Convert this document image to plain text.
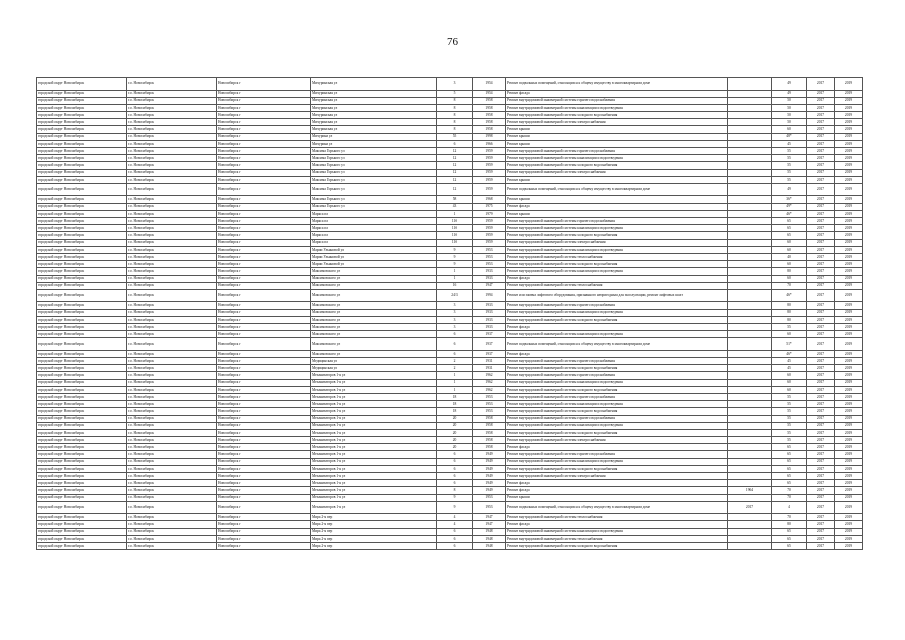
76
городской округ Новосибирск	г.о. Новосибирск	Новосибирск г	Мичуринская ул	3	1954	Ремонт подвальных помещений, относящихся к общему имуществу в многоквартирном доме		49	2017	2019
городской округ Новосибирск	г.о. Новосибирск	Новосибирск г	Мичуринская ул	5	1954	Ремонт фасада		49	2017	2019
городской округ Новосибирск	г.о. Новосибирск	Новосибирск г	Мичуринская ул	8	1958	Ремонт внутридомовой инженерной системы горячего водоснабжения		50	2017	2019
городской округ Новосибирск	г.о. Новосибирск	Новосибирск г	Мичуринская ул	8	1958	Ремонт внутридомовой инженерной системы канализации и водоотведения		50	2017	2019
городской округ Новосибирск	г.о. Новосибирск	Новосибирск г	Мичуринская ул	8	1958	Ремонт внутридомовой инженерной системы холодного водоснабжения		50	2017	2019
городской округ Новосибирск	г.о. Новосибирск	Новосибирск г	Мичуринская ул	8	1958	Ремонт внутридомовой инженерной системы электроснабжения		50	2017	2019
городской округ Новосибирск	г.о. Новосибирск	Новосибирск г	Мичуринская ул	8	1958	Ремонт крыши		60	2017	2019
городской округ Новосибирск	г.о. Новосибирск	Новосибирск г	Мичурина ул	55	1998	Ремонт крыши		48*	2017	2019
городской округ Новосибирск	г.о. Новосибирск	Новосибирск г	Мичурина ул	6	1966	Ремонт крыши		45	2017	2019
городской округ Новосибирск	г.о. Новосибирск	Новосибирск г	Максима Горького ул	12	1959	Ремонт внутридомовой инженерной системы горячего водоснабжения		55	2017	2019
городской округ Новосибирск	г.о. Новосибирск	Новосибирск г	Максима Горького ул	12	1959	Ремонт внутридомовой инженерной системы канализации и водоотведения		55	2017	2019
городской округ Новосибирск	г.о. Новосибирск	Новосибирск г	Максима Горького ул	12	1959	Ремонт внутридомовой инженерной системы холодного водоснабжения		55	2017	2019
городской округ Новосибирск	г.о. Новосибирск	Новосибирск г	Максима Горького ул	12	1959	Ремонт внутридомовой инженерной системы электроснабжения		55	2017	2019
городской округ Новосибирск	г.о. Новосибирск	Новосибирск г	Максима Горького ул	12	1959	Ремонт крыши		55	2017	2019
городской округ Новосибирск	г.о. Новосибирск	Новосибирск г	Максима Горького ул	12	1959	Ремонт подвальных помещений, относящихся к общему имуществу в многоквартирном доме		49	2017	2019
городской округ Новосибирск	г.о. Новосибирск	Новосибирск г	Максима Горького ул	58	1968	Ремонт крыши		36*	2017	2019
городской округ Новосибирск	г.о. Новосибирск	Новосибирск г	Максима Горького ул	43	1975	Ремонт фасада		49*	2017	2019
городской округ Новосибирск	г.о. Новосибирск	Новосибирск г	Маркса пл	1	1979	Ремонт крыши		46*	2017	2019
городской округ Новосибирск	г.о. Новосибирск	Новосибирск г	Маркса пл	11б	1959	Ремонт внутридомовой инженерной системы горячего водоснабжения		65	2017	2019
городской округ Новосибирск	г.о. Новосибирск	Новосибирск г	Маркса пл	11б	1959	Ремонт внутридомовой инженерной системы канализации и водоотведения		65	2017	2019
городской округ Новосибирск	г.о. Новосибирск	Новосибирск г	Маркса пл	11б	1959	Ремонт внутридомовой инженерной системы холодного водоснабжения		65	2017	2019
городской округ Новосибирск	г.о. Новосибирск	Новосибирск г	Маркса пл	11б	1959	Ремонт внутридомовой инженерной системы электроснабжения		60	2017	2019
городской округ Новосибирск	г.о. Новосибирск	Новосибирск г	Марии Ульяновой ул	9	1953	Ремонт внутридомовой инженерной системы канализации и водоотведения		60	2017	2019
городской округ Новосибирск	г.о. Новосибирск	Новосибирск г	Марии Ульяновой ул	9	1953	Ремонт внутридомовой инженерной системы теплоснабжения		40	2017	2019
городской округ Новосибирск	г.о. Новосибирск	Новосибирск г	Марии Ульяновой ул	9	1953	Ремонт внутридомовой инженерной системы холодного водоснабжения		60	2017	2019
городской округ Новосибирск	г.о. Новосибирск	Новосибирск г	Максимовского ул	1	1933	Ремонт внутридомовой инженерной системы канализации и водоотведения		80	2017	2019
городской округ Новосибирск	г.о. Новосибирск	Новосибирск г	Максимовского ул	1	1933	Ремонт фасада		60	2017	2019
городской округ Новосибирск	г.о. Новосибирск	Новосибирск г	Максимовского ул	16	1947	Ремонт внутридомовой инженерной системы теплоснабжения		70	2017	2019
городской округ Новосибирск	г.о. Новосибирск	Новосибирск г	Максимовского ул	24/3	1994	Ремонт или замена лифтового оборудования, признанного непригодным для эксплуатации, ремонт лифтовых шахт		46*	2017	2019
городской округ Новосибирск	г.о. Новосибирск	Новосибирск г	Максимовского ул	3	1933	Ремонт внутридомовой инженерной системы горячего водоснабжения		80	2017	2019
городской округ Новосибирск	г.о. Новосибирск	Новосибирск г	Максимовского ул	3	1933	Ремонт внутридомовой инженерной системы канализации и водоотведения		80	2017	2019
городской округ Новосибирск	г.о. Новосибирск	Новосибирск г	Максимовского ул	3	1933	Ремонт внутридомовой инженерной системы холодного водоснабжения		80	2017	2019
городской округ Новосибирск	г.о. Новосибирск	Новосибирск г	Максимовского ул	3	1933	Ремонт фасада		55	2017	2019
городской округ Новосибирск	г.о. Новосибирск	Новосибирск г	Максимовского ул	6	1937	Ремонт внутридомовой инженерной системы канализации и водоотведения		60	2017	2019
городской округ Новосибирск	г.о. Новосибирск	Новосибирск г	Максимовского ул	6	1937	Ремонт подвальных помещений, относящихся к общему имуществу в многоквартирном доме		51*	2017	2019
городской округ Новосибирск	г.о. Новосибирск	Новосибирск г	Максимовского ул	6	1937	Ремонт фасада		46*	2017	2019
городской округ Новосибирск	г.о. Новосибирск	Новосибирск г	Медицинская ул	2	1931	Ремонт внутридомовой инженерной системы горячего водоснабжения		45	2017	2019
городской округ Новосибирск	г.о. Новосибирск	Новосибирск г	Медицинская ул	2	1931	Ремонт внутридомовой инженерной системы холодного водоснабжения		45	2017	2019
городской округ Новосибирск	г.о. Новосибирск	Новосибирск г	Механизаторов 1-я ул	1	1962	Ремонт внутридомовой инженерной системы горячего водоснабжения		60	2017	2019
городской округ Новосибирск	г.о. Новосибирск	Новосибирск г	Механизаторов 1-я ул	1	1962	Ремонт внутридомовой инженерной системы канализации и водоотведения		60	2017	2019
городской округ Новосибирск	г.о. Новосибирск	Новосибирск г	Механизаторов 1-я ул	1	1962	Ремонт внутридомовой инженерной системы холодного водоснабжения		60	2017	2019
городской округ Новосибирск	г.о. Новосибирск	Новосибирск г	Механизаторов 1-я ул	18	1953	Ремонт внутридомовой инженерной системы горячего водоснабжения		55	2017	2019
городской округ Новосибирск	г.о. Новосибирск	Новосибирск г	Механизаторов 1-я ул	18	1953	Ремонт внутридомовой инженерной системы канализации и водоотведения		55	2017	2019
городской округ Новосибирск	г.о. Новосибирск	Новосибирск г	Механизаторов 1-я ул	18	1953	Ремонт внутридомовой инженерной системы холодного водоснабжения		55	2017	2019
городской округ Новосибирск	г.о. Новосибирск	Новосибирск г	Механизаторов 1-я ул	20	1958	Ремонт внутридомовой инженерной системы горячего водоснабжения		55	2017	2019
городской округ Новосибирск	г.о. Новосибирск	Новосибирск г	Механизаторов 1-я ул	20	1958	Ремонт внутридомовой инженерной системы канализации и водоотведения		55	2017	2019
городской округ Новосибирск	г.о. Новосибирск	Новосибирск г	Механизаторов 1-я ул	20	1958	Ремонт внутридомовой инженерной системы холодного водоснабжения		55	2017	2019
городской округ Новосибирск	г.о. Новосибирск	Новосибирск г	Механизаторов 1-я ул	20	1958	Ремонт внутридомовой инженерной системы электроснабжения		55	2017	2019
городской округ Новосибирск	г.о. Новосибирск	Новосибирск г	Механизаторов 1-я ул	20	1958	Ремонт фасада		65	2017	2019
городской округ Новосибирск	г.о. Новосибирск	Новосибирск г	Механизаторов 1-я ул	6	1949	Ремонт внутридомовой инженерной системы горячего водоснабжения		65	2017	2019
городской округ Новосибирск	г.о. Новосибирск	Новосибирск г	Механизаторов 1-я ул	6	1949	Ремонт внутридомовой инженерной системы канализации и водоотведения		65	2017	2019
городской округ Новосибирск	г.о. Новосибирск	Новосибирск г	Механизаторов 1-я ул	6	1949	Ремонт внутридомовой инженерной системы холодного водоснабжения		65	2017	2019
городской округ Новосибирск	г.о. Новосибирск	Новосибирск г	Механизаторов 1-я ул	6	1949	Ремонт внутридомовой инженерной системы электроснабжения		65	2017	2019
городской округ Новосибирск	г.о. Новосибирск	Новосибирск г	Механизаторов 1-я ул	6	1949	Ремонт фасада		65	2017	2019
городской округ Новосибирск	г.о. Новосибирск	Новосибирск г	Механизаторов 1-я ул	8	1949	Ремонт фасада	1964	70	2017	2019
городской округ Новосибирск	г.о. Новосибирск	Новосибирск г	Механизаторов 1-я ул	9	1953	Ремонт крыши		70	2017	2019
городской округ Новосибирск	г.о. Новосибирск	Новосибирск г	Механизаторов 1-я ул	9	1953	Ремонт подвальных помещений, относящихся к общему имуществу в многоквартирном доме	2017	4	2017	2019
городской округ Новосибирск	г.о. Новосибирск	Новосибирск г	Мира 2-я пер	4	1947	Ремонт внутридомовой инженерной системы теплоснабжения		70	2017	2019
городской округ Новосибирск	г.о. Новосибирск	Новосибирск г	Мира 2-я пер	4	1947	Ремонт фасада		80	2017	2019
городской округ Новосибирск	г.о. Новосибирск	Новосибирск г	Мира 2-я пер	6	1948	Ремонт внутридомовой инженерной системы канализации и водоотведения		65	2017	2019
городской округ Новосибирск	г.о. Новосибирск	Новосибирск г	Мира 2-я пер	6	1948	Ремонт внутридомовой инженерной системы теплоснабжения		65	2017	2019
городской округ Новосибирск	г.о. Новосибирск	Новосибирск г	Мира 2-я пер	6	1948	Ремонт внутридомовой инженерной системы холодного водоснабжения		65	2017	2019
